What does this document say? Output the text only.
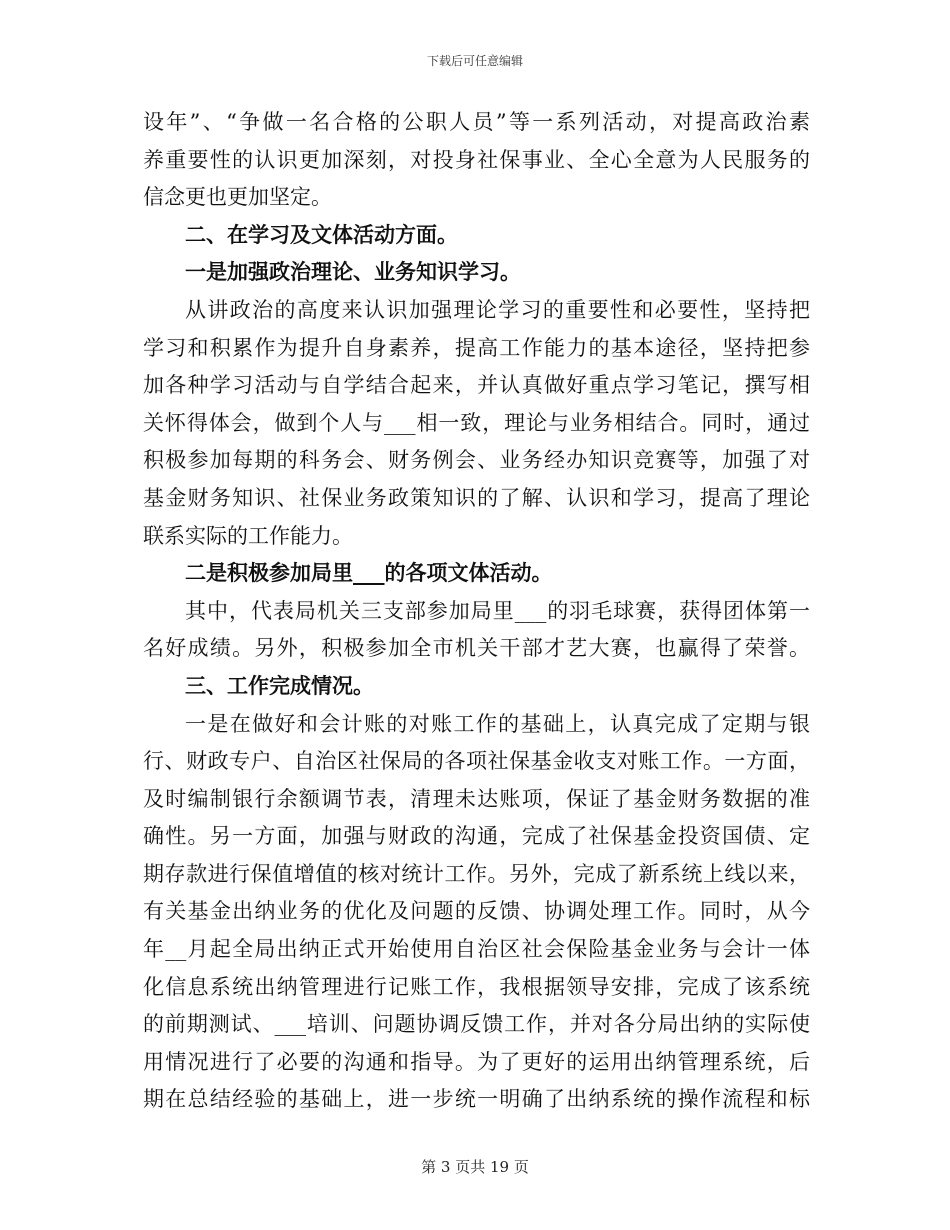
下载后可任意编辑
设年”、“争做一名合格的公职人员”等一系列活动，对提高政治素
养重要性的认识更加深刻，对投身社保事业、全心全意为人民服务的
信念更也更加坚定。
二、在学习及文体活动方面。
一是加强政治理论、业务知识学习。
从讲政治的高度来认识加强理论学习的重要性和必要性，坚持把
学习和积累作为提升自身素养，提高工作能力的基本途径，坚持把参
加各种学习活动与自学结合起来，并认真做好重点学习笔记，撰写相
关怀得体会，做到个人与___相一致，理论与业务相结合。同时，通过
积极参加每期的科务会、财务例会、业务经办知识竞赛等，加强了对
基金财务知识、社保业务政策知识的了解、认识和学习，提高了理论
联系实际的工作能力。
二是积极参加局里___的各项文体活动。
其中，代表局机关三支部参加局里___的羽毛球赛，获得团体第一
名好成绩。另外，积极参加全市机关干部才艺大赛，也赢得了荣誉。
三、工作完成情况。
一是在做好和会计账的对账工作的基础上，认真完成了定期与银
行、财政专户、自治区社保局的各项社保基金收支对账工作。一方面，
及时编制银行余额调节表，清理未达账项，保证了基金财务数据的准
确性。另一方面，加强与财政的沟通，完成了社保基金投资国债、定
期存款进行保值增值的核对统计工作。另外，完成了新系统上线以来，
有关基金出纳业务的优化及问题的反馈、协调处理工作。同时，从今
年__月起全局出纳正式开始使用自治区社会保险基金业务与会计一体
化信息系统出纳管理进行记账工作，我根据领导安排，完成了该系统
的前期测试、___培训、问题协调反馈工作，并对各分局出纳的实际使
用情况进行了必要的沟通和指导。为了更好的运用出纳管理系统，后
期在总结经验的基础上，进一步统一明确了出纳系统的操作流程和标
第 3 页共 19 页
